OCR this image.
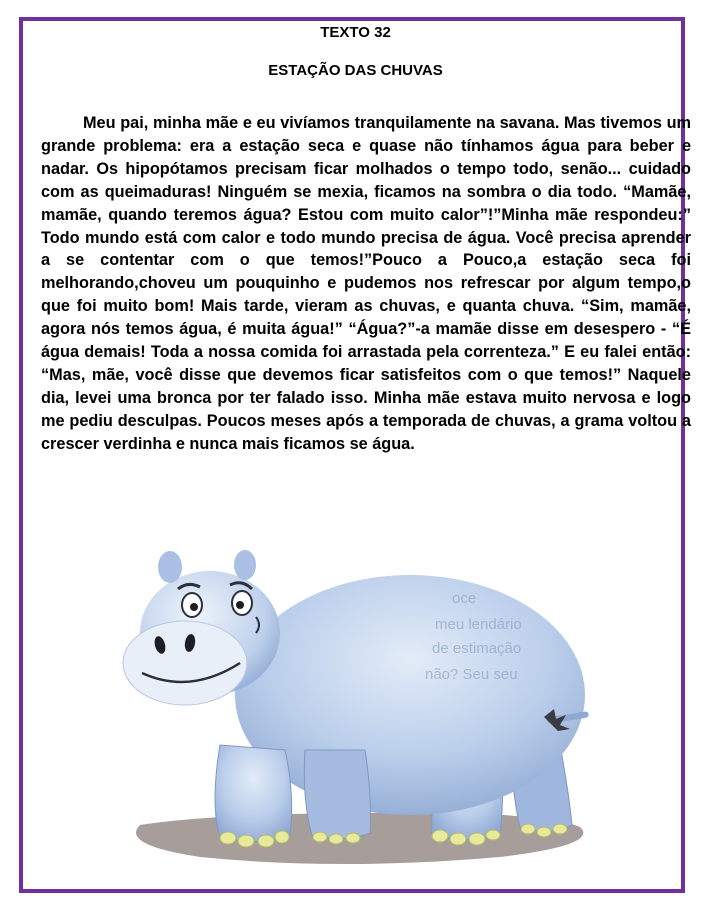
TEXTO 32

ESTAÇÃO DAS CHUVAS

Meu pai, minha mãe e eu vivíamos tranquilamente na savana. Mas tivemos um grande problema: era a estação seca e quase não tínhamos água para beber e nadar. Os hipopótamos precisam ficar molhados o tempo todo, senão... cuidado com as queimaduras! Ninguém se mexia, ficamos na sombra o dia todo. “Mamãe, mamãe, quando teremos água? Estou com muito calor”!”Minha mãe respondeu:” Todo mundo está com calor e todo mundo precisa de água. Você precisa aprender a se contentar com o que temos!”Pouco a Pouco,a estação seca foi melhorando,choveu um pouquinho e pudemos nos refrescar por algum tempo,o que foi muito bom! Mais tarde, vieram as chuvas, e quanta chuva. “Sim, mamãe, agora nós temos água, é muita água!” “Água?”-a mamãe disse em desespero - “É água demais! Toda a nossa comida foi arrastada pela correnteza.” E eu falei então: “Mas, mãe, você disse que devemos ficar satisfeitos com o que temos!” Naquele dia, levei uma bronca por ter falado isso. Minha mãe estava muito nervosa e logo me pediu desculpas. Poucos meses após a temporada de chuvas, a grama voltou a crescer verdinha e nunca mais ficamos se água.

oce
meu lendário
de estimação
não? Seu seu
